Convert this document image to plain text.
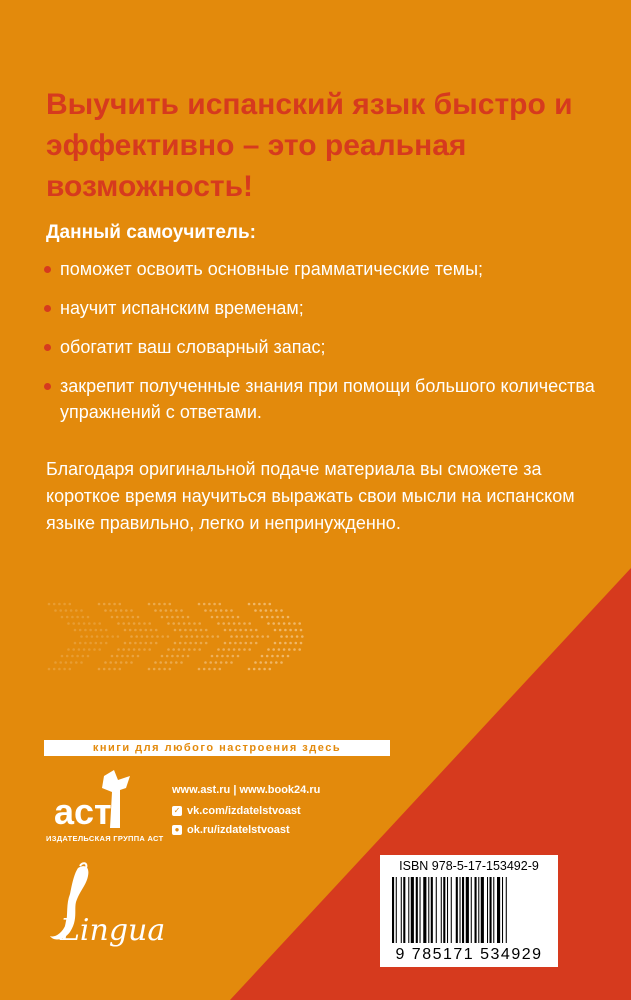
Выучить испанский язык быстро и эффективно – это реальная возможность!

Данный самоучитель:

поможет освоить основные грамматические темы;
научит испанским временам;
обогатит ваш словарный запас;
закрепит полученные знания при помощи большого количества упражнений с ответами.

Благодаря оригинальной подаче материала вы сможете за короткое время научиться выражать свои мысли на испанском языке правильно, легко и непринужденно.

книги для любого настроения здесь
аст
ИЗДАТЕЛЬСКАЯ ГРУППА АСТ
www.ast.ru | www.book24.ru
✓ vk.com/izdatelstvoast
● ok.ru/izdatelstvoast
Lingua
ISBN 978-5-17-153492-9
9 785171 534929
